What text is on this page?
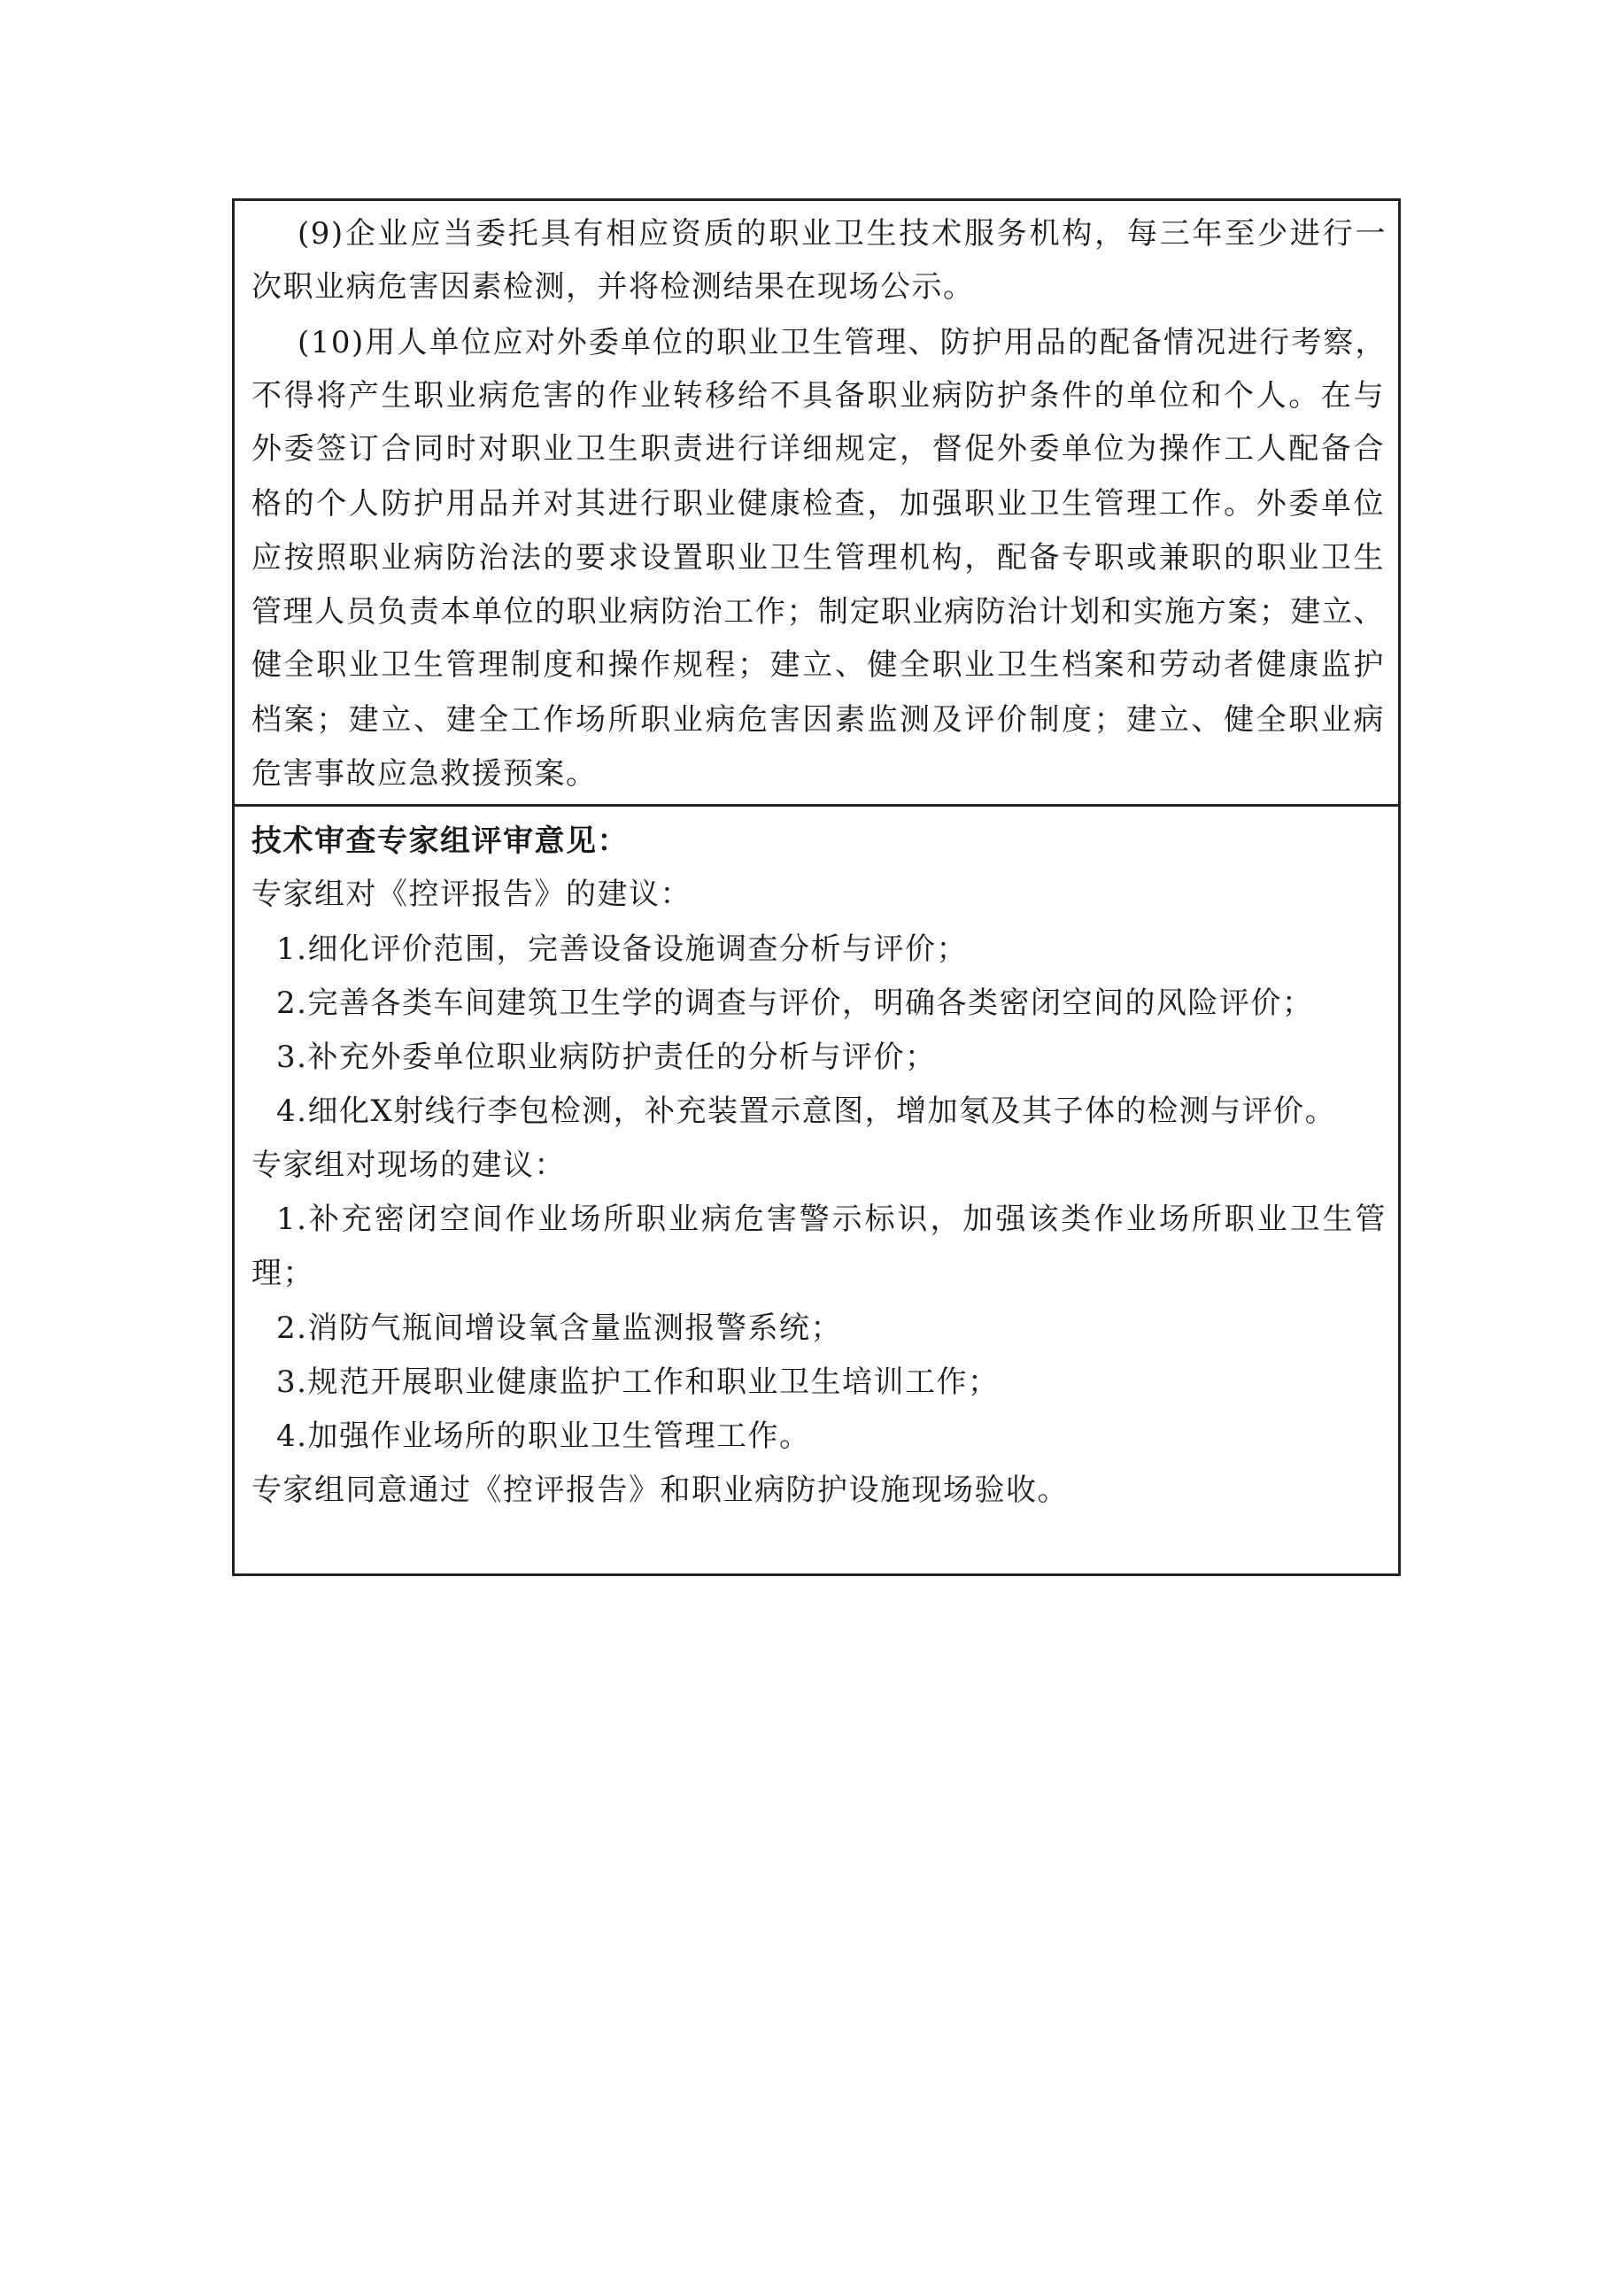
(9)企业应当委托具有相应资质的职业卫生技术服务机构，每三年至少进行一
次职业病危害因素检测，并将检测结果在现场公示。
(10)用人单位应对外委单位的职业卫生管理、防护用品的配备情况进行考察，
不得将产生职业病危害的作业转移给不具备职业病防护条件的单位和个人。在与
外委签订合同时对职业卫生职责进行详细规定，督促外委单位为操作工人配备合
格的个人防护用品并对其进行职业健康检查，加强职业卫生管理工作。外委单位
应按照职业病防治法的要求设置职业卫生管理机构，配备专职或兼职的职业卫生
管理人员负责本单位的职业病防治工作；制定职业病防治计划和实施方案；建立、
健全职业卫生管理制度和操作规程；建立、健全职业卫生档案和劳动者健康监护
档案；建立、建全工作场所职业病危害因素监测及评价制度；建立、健全职业病
危害事故应急救援预案。
技术审查专家组评审意见：
专家组对《控评报告》的建议：
1.细化评价范围，完善设备设施调查分析与评价；
2.完善各类车间建筑卫生学的调查与评价，明确各类密闭空间的风险评价；
3.补充外委单位职业病防护责任的分析与评价；
4.细化X射线行李包检测，补充装置示意图，增加氡及其子体的检测与评价。
专家组对现场的建议：
1.补充密闭空间作业场所职业病危害警示标识，加强该类作业场所职业卫生管
理；
2.消防气瓶间增设氧含量监测报警系统；
3.规范开展职业健康监护工作和职业卫生培训工作；
4.加强作业场所的职业卫生管理工作。
专家组同意通过《控评报告》和职业病防护设施现场验收。
